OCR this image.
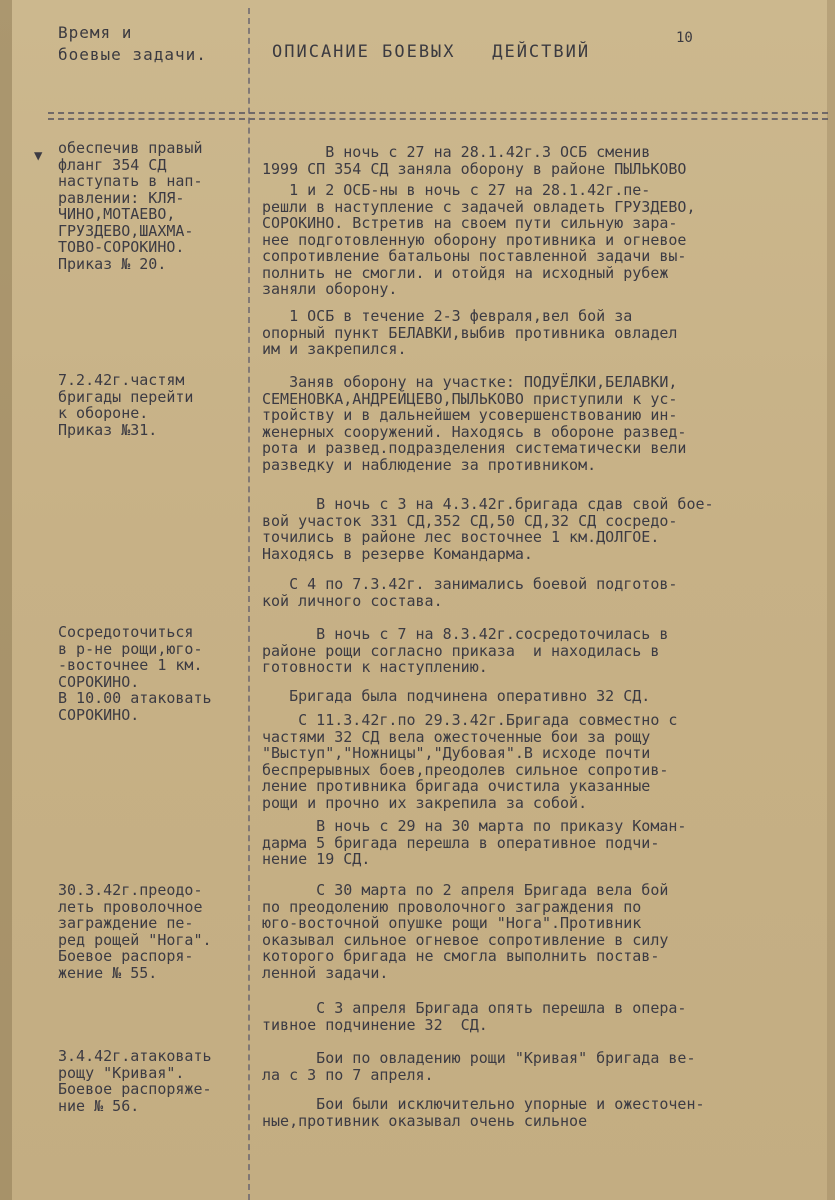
Время и
боевые задачи.	ОПИСАНИЕ БОЕВЫХ   ДЕЙСТВИЙ
10
▼ обеспечив правый
фланг 354 СД
наступать в нап-
равлении: КЛЯ-
ЧИНО,МОТАЕВО,
ГРУЗДЕВО,ШАХМА-
ТОВО-СОРОКИНО.
Приказ № 20.
7.2.42г.частям
бригады перейти
к обороне.
Приказ №31.
Сосредоточиться
в р-не рощи,юго-
-восточнее 1 км.
СОРОКИНО.
В 10.00 атаковать
СОРОКИНО.
30.3.42г.преодо-
леть проволочное
заграждение пе-
ред рощей "Нога".
Боевое распоря-
жение № 55.
3.4.42г.атаковать
рощу "Кривая".
Боевое распоряже-
ние № 56.
В ночь с 27 на 28.1.42г.3 ОСБ сменив
1999 СП 354 СД заняла оборону в районе ПЫЛЬКОВО
1 и 2 ОСБ-ны в ночь с 27 на 28.1.42г.пе-
решли в наступление с задачей овладеть ГРУЗДЕВО,
СОРОКИНО. Встретив на своем пути сильную зара-
нее подготовленную оборону противника и огневое
сопротивление батальоны поставленной задачи вы-
полнить не смогли. и отойдя на исходный рубеж
заняли оборону.
1 ОСБ в течение 2-3 февраля,вел бой за
опорный пункт БЕЛАВКИ,выбив противника овладел
им и закрепился.
Заняв оборону на участке: ПОДУЁЛКИ,БЕЛАВКИ,
СЕМЕНОВКА,АНДРЕЙЦЕВО,ПЫЛЬКОВО приступили к ус-
тройству и в дальнейшем усовершенствованию ин-
женерных сооружений. Находясь в обороне развед-
рота и развед.подразделения систематически вели
разведку и наблюдение за противником.
В ночь с 3 на 4.3.42г.бригада сдав свой бое-
вой участок 331 СД,352 СД,50 СД,32 СД сосредо-
точились в районе лес восточнее 1 км.ДОЛГОЕ.
Находясь в резерве Командарма.
С 4 по 7.3.42г. занимались боевой подготов-
кой личного состава.
В ночь с 7 на 8.3.42г.сосредоточилась в
районе рощи согласно приказа  и находилась в
готовности к наступлению.
Бригада была подчинена оперативно 32 СД.
С 11.3.42г.по 29.3.42г.Бригада совместно с
частями 32 СД вела ожесточенные бои за рощу
"Выступ","Ножницы","Дубовая".В исходе почти
беспрерывных боев,преодолев сильное сопротив-
ление противника бригада очистила указанные
рощи и прочно их закрепила за собой.
В ночь с 29 на 30 марта по приказу Коман-
дарма 5 бригада перешла в оперативное подчи-
нение 19 СД.
С 30 марта по 2 апреля Бригада вела бой
по преодолению проволочного заграждения по
юго-восточной опушке рощи "Нога".Противник
оказывал сильное огневое сопротивление в силу
которого бригада не смогла выполнить постав-
ленной задачи.
С 3 апреля Бригада опять перешла в опера-
тивное подчинение 32  СД.
Бои по овладению рощи "Кривая" бригада ве-
ла с 3 по 7 апреля.
Бои были исключительно упорные и ожесточен-
ные,противник оказывал очень сильное
